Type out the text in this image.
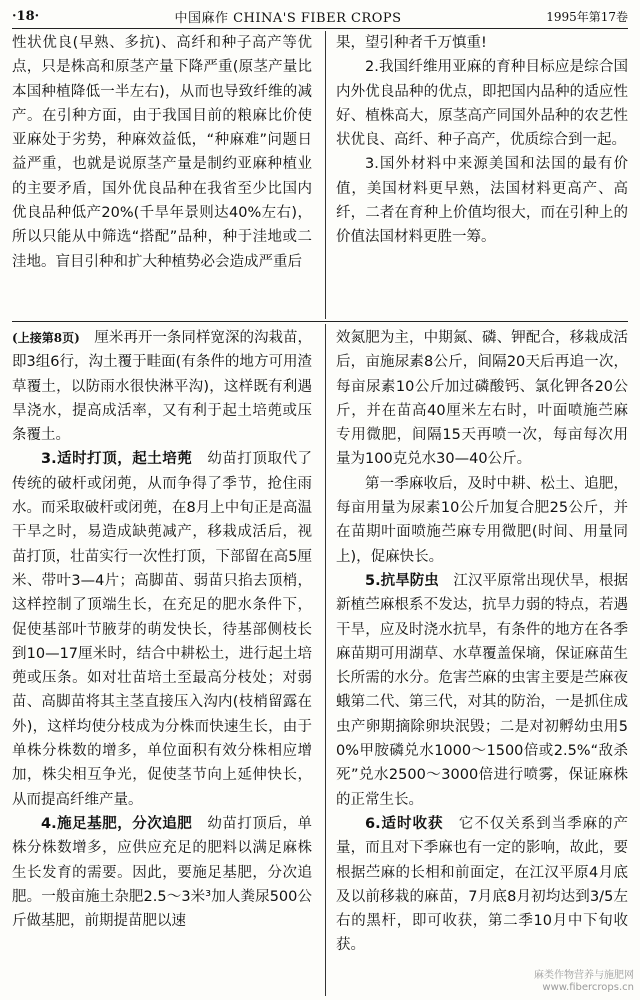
·18·	中国麻作 CHINA'S FIBER CROPS	1995年第17卷

性状优良(早熟、多抗)、高纤和种子高产等优点，只是株高和原茎产量下降严重(原茎产量比本国种植降低一半左右)，从而也导致纤维的减产。在引种方面，由于我国目前的粮麻比价使亚麻处于劣势，种麻效益低，“种麻难”问题日益严重，也就是说原茎产量是制约亚麻种植业的主要矛盾，国外优良品种在我省至少比国内优良品种低产20%(千旱年景则达40%左右)，所以只能从中筛选“搭配”品种，种于洼地或二洼地。盲目引种和扩大种植势必会造成严重后

果，望引种者千万慎重!

2.我国纤维用亚麻的育种目标应是综合国内外优良品种的优点，即把国内品种的适应性好、植株高大，原茎高产同国外品种的农艺性状优良、高纤、种子高产，优质综合到一起。

3.国外材料中来源美国和法国的最有价值，美国材料更早熟，法国材料更高产、高纤，二者在育种上价值均很大，而在引种上的价值法国材料更胜一筹。

(上接第8页)　 厘米再开一条同样宽深的沟栽苗，即3组6行，沟土覆于畦面(有条件的地方可用渣草覆土，以防雨水很快淋平沟)，这样既有利遇旱浇水，提高成活率，又有利于起土培蔸或压条覆土。

3.适时打顶，起土培蔸　 幼苗打顶取代了传统的破杆或闭蔸，从而争得了季节，抢住雨水。而采取破杆或闭蔸，在8月上中旬正是高温干旱之时，易造成缺蔸减产，移栽成活后，视苗打顶，壮苗实行一次性打顶，下部留在高5厘米、带叶3—4片；高脚苗、弱苗只掐去顶梢，这样控制了顶端生长，在充足的肥水条件下，促使基部叶节腋芽的萌发快长，待基部侧枝长到10—17厘米时，结合中耕松土，进行起土培蔸或压条。如对壮苗培土至最高分枝处；对弱苗、高脚苗将其主茎直接压入沟内(枝梢留露在外)，这样均使分枝成为分株而快速生长，由于单株分株数的增多，单位面积有效分株相应增加，株尖相互争光，促使茎节向上延伸快长，从而提高纤维产量。

4.施足基肥，分次追肥　 幼苗打顶后，单株分株数增多，应供应充足的肥料以满足麻株生长发育的需要。因此，要施足基肥，分次追肥。一般亩施土杂肥2.5～3米³加人粪尿500公斤做基肥，前期提苗肥以速

效氮肥为主，中期氮、磷、钾配合，移栽成活后，亩施尿素8公斤，间隔20天后再追一次，每亩尿素10公斤加过磷酸钙、氯化钾各20公斤，并在苗高40厘米左右时，叶面喷施苎麻专用微肥，间隔15天再喷一次，每亩每次用量为100克兑水30—40公斤。

第一季麻收后，及时中耕、松土、追肥，每亩用量为尿素10公斤加复合肥25公斤，并在苗期叶面喷施苎麻专用微肥(时间、用量同上)，促麻快长。

5.抗旱防虫　 江汉平原常出现伏旱，根据新植苎麻根系不发达，抗旱力弱的特点，若遇干旱，应及时浇水抗旱，有条件的地方在各季麻苗期可用湖草、水草覆盖保墒，保证麻苗生长所需的水分。危害苎麻的虫害主要是苎麻夜蛾第二代、第三代，对其的防治，一是抓住成虫产卵期摘除卵块泯毁；二是对初孵幼虫用50%甲胺磷兑水1000～1500倍或2.5%“敌杀死”兑水2500～3000倍进行喷雾，保证麻株的正常生长。

6.适时收获　 它不仅关系到当季麻的产量，而且对下季麻也有一定的影响，故此，要根据苎麻的长相和前面定，在江汉平原4月底及以前移栽的麻苗，7月底8月初均达到3/5左右的黑杆，即可收获，第二季10月中下旬收获。

麻类作物营养与施肥网
www.fibercrops.cn
